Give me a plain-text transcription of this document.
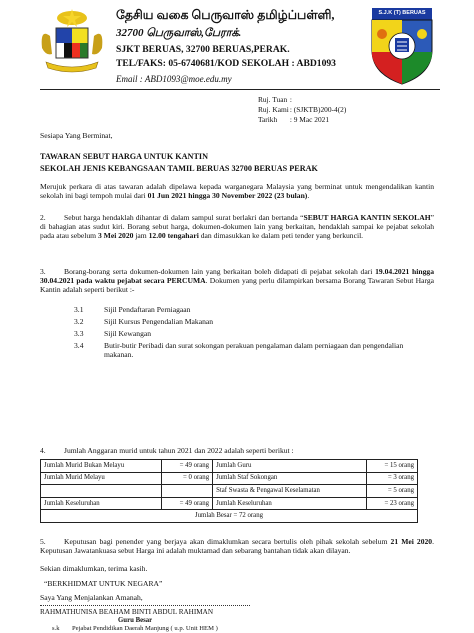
தேசிய வகை பெருவாஸ் தமிழ்ப்பள்ளி,
32700 பெருவாஸ்,பேராக்.
SJKT BERUAS, 32700 BERUAS,PERAK.
TEL/FAKS: 05-6740681/KOD SEKOLAH : ABD1093
Email : ABD1093@moe.edu.my
S.J.K (T) BERUAS
Ruj. Tuan :
Ruj. Kami : (SJKTB)200-4(2)
Tarikh : 9 Mac 2021
Sesiapa Yang Berminat,
TAWARAN SEBUT HARGA UNTUK KANTIN
SEKOLAH JENIS KEBANGSAAN TAMIL BERUAS 32700 BERUAS PERAK
Merujuk perkara di atas tawaran adalah dipelawa kepada warganegara Malaysia yang berminat untuk mengendalikan kantin sekolah ini bagi tempoh mulai dari 01 Jun 2021 hingga 30 November 2022 (23 bulan).
2.	Sebut harga hendaklah dihantar di dalam sampul surat berlakri dan bertanda “SEBUT HARGA KANTIN SEKOLAH” di bahagian atas sudut kiri. Borang sebut harga, dokumen-dokumen lain yang berkaitan, hendaklah sampai ke pejabat sekolah pada atau sebelum 3 Mei 2020 jam 12.00 tengahari dan dimasukkan ke dalam peti tender yang berkuncil.
3.	Borang-borang serta dokumen-dokumen lain yang berkaitan boleh didapati di pejabat sekolah dari 19.04.2021 hingga 30.04.2021 pada waktu pejabat secara PERCUMA. Dokumen yang perlu dilampirkan bersama Borang Tawaran Sebut Harga Kantin adalah seperti berikut :-
3.1	Sijil Pendaftaran Perniagaan
3.2	Sijil Kursus Pengendalian Makanan
3.3	Sijil Kewangan
3.4	Butir-butir Peribadi dan surat sokongan perakuan pengalaman dalam perniagaan dan pengendalian makanan.
4. Jumlah Anggaran murid untuk tahun 2021 dan 2022 adalah seperti berikut :
Jumlah Murid Bukan Melayu	= 49 orang	Jumlah Guru	= 15 orang
Jumlah Murid Melayu	= 0 orang	Jumlah Staf Sokongan	= 3 orang
		Staf Swasta & Pengawal Keselamatan	= 5 orang
Jumlah Keseluruhan	= 49 orang	Jumlah Keseluruhan	= 23 orang
Jumlah Besar = 72 orang			
5.	Keputusan bagi penender yang berjaya akan dimaklumkan secara bertulis oleh pihak sekolah sebelum 21 Mei 2020. Keputusan Jawatankuasa sebut Harga ini adalah muktamad dan sebarang bantahan tidak akan dilayan.
Sekian dimaklumkan, terima kasih.
“BERKHIDMAT UNTUK NEGARA”
Saya Yang Menjalankan Amanah,
RAHMATHUNISA BEAHAM BINTI ABDUL RAHIMAN
Guru Besar
s.k Pejabat Pendidikan Daerah Manjung ( u.p. Unit HEM )
